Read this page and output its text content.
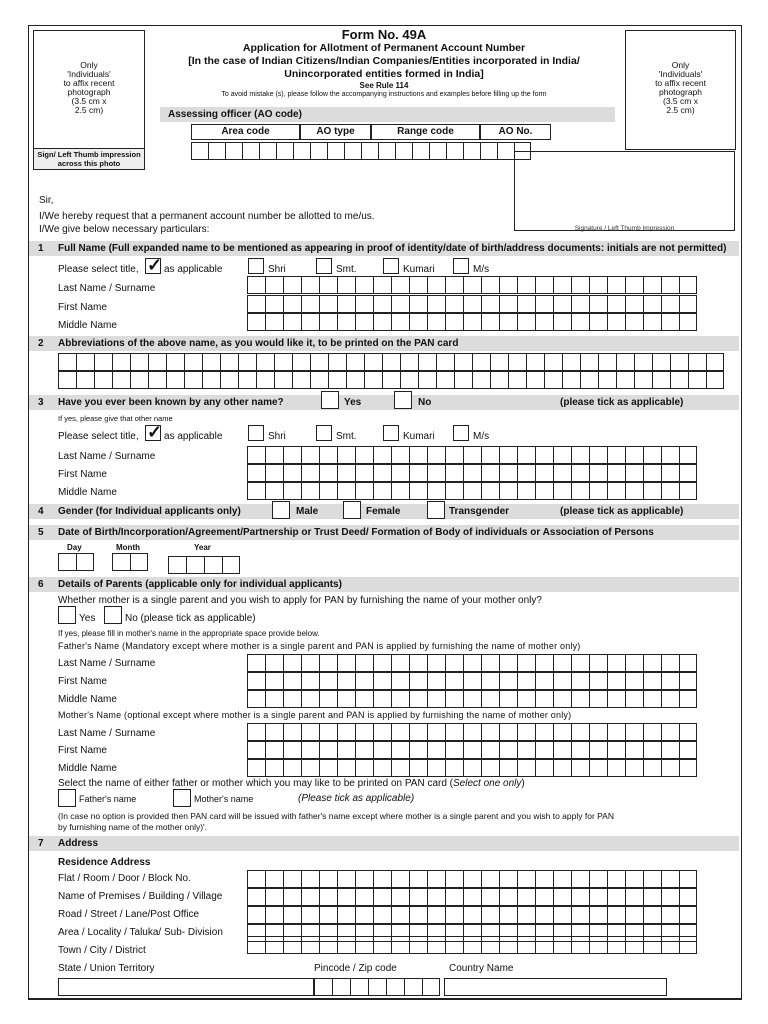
Form No. 49A
Application for Allotment of Permanent Account Number
[In the case of Indian Citizens/Indian Companies/Entities incorporated in India/
Unincorporated entities formed in India]
See Rule 114
To avoid mistake (s), please follow the accompanying instructions and examples before filling up the form
Only
'Individuals'
to affix recent
photograph
(3.5 cm x
2.5 cm)
Sign/ Left Thumb impression
across this photo
Only
'Individuals'
to affix recent
photograph
(3.5 cm x
2.5 cm)
Signature / Left Thumb Impression
Assessing officer (AO code)
Area code	AO type	Range code	AO No.
Sir,
I/We hereby request that a permanent account number be allotted to me/us.
I/We give below necessary particulars:
1 Full Name (Full expanded name to be mentioned as appearing in proof of identity/date of birth/address documents: initials are not permitted)
Please select title, ✓	as applicable	Shri	Smt.	Kumari	M/s
Last Name / Surname
First Name
Middle Name
2 Abbreviations of the above name, as you would like it, to be printed on the PAN card
3 Have you ever been known by any other name?	Yes	No	(please tick as applicable)
If yes, please give that other name
Please select title, ✓	as applicable	Shri	Smt.	Kumari	M/s
Last Name / Surname
First Name
Middle Name
4 Gender (for Individual applicants only)	Male	Female	Transgender	(please tick as applicable)
5 Date of Birth/Incorporation/Agreement/Partnership or Trust Deed/ Formation of Body of individuals or Association of Persons
Day	Month	Year
6 Details of Parents (applicable only for individual applicants)
Whether mother is a single parent and you wish to apply for PAN by furnishing the name of your mother only?
Yes	No (please tick as applicable)
If yes, please fill in mother's name in the appropriate space provide below.
Father's Name (Mandatory except where mother is a single parent and PAN is applied by furnishing the name of mother only)
Last Name / Surname
First Name
Middle Name
Mother's Name (optional except where mother is a single parent and PAN is applied by furnishing the name of mother only)
Last Name / Surname
First Name
Middle Name
Select the name of either father or mother which you may like to be printed on PAN card (Select one only)
Father's name	Mother's name	(Please tick as applicable)
(In case no option is provided then PAN card will be issued with father's name except where mother is a single parent and you wish to apply for PAN
by furnishing name of the mother only)'.
7 Address
Residence Address
Flat / Room / Door / Block No.
Name of Premises / Building / Village
Road / Street / Lane/Post Office
Area / Locality / Taluka/ Sub- Division
Town / City / District
State / Union Territory	Pincode / Zip code	Country Name
